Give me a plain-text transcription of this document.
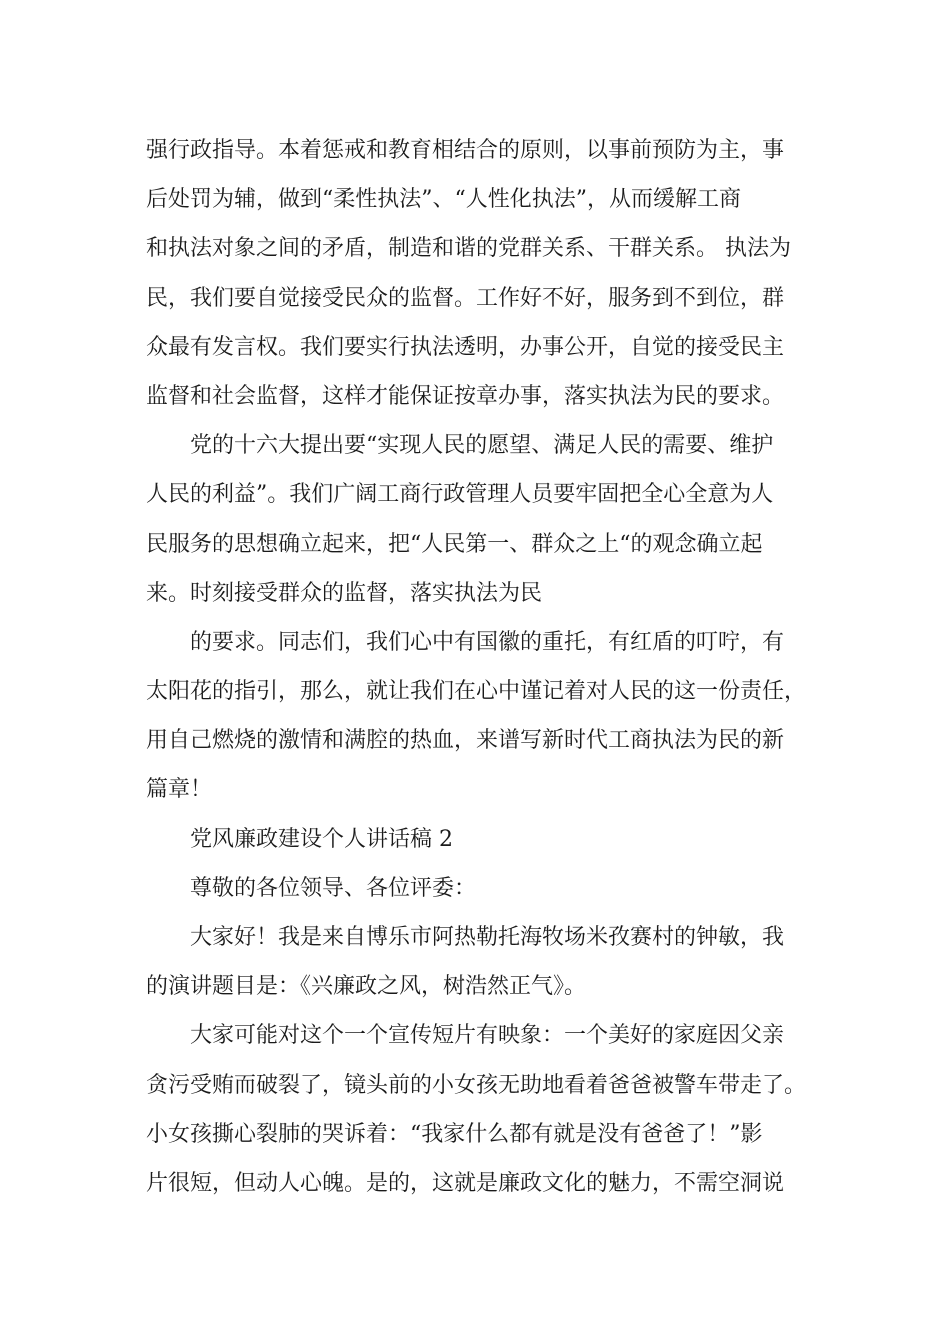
强行政指导。本着惩戒和教育相结合的原则，以事前预防为主，事
后处罚为辅，做到“柔性执法”、“人性化执法”，从而缓解工商
和执法对象之间的矛盾，制造和谐的党群关系、干群关系。 执法为
民，我们要自觉接受民众的监督。工作好不好，服务到不到位，群
众最有发言权。我们要实行执法透明，办事公开，自觉的接受民主
监督和社会监督，这样才能保证按章办事，落实执法为民的要求。
党的十六大提出要“实现人民的愿望、满足人民的需要、维护
人民的利益”。我们广阔工商行政管理人员要牢固把全心全意为人
民服务的思想确立起来，把“人民第一、群众之上“的观念确立起
来。时刻接受群众的监督，落实执法为民
的要求。同志们，我们心中有国徽的重托，有红盾的叮咛，有
太阳花的指引，那么，就让我们在心中谨记着对人民的这一份责任，
用自己燃烧的激情和满腔的热血，来谱写新时代工商执法为民的新
篇章！
党风廉政建设个人讲话稿 2
尊敬的各位领导、各位评委：
大家好！我是来自博乐市阿热勒托海牧场米孜赛村的钟敏，我
的演讲题目是：《兴廉政之风，树浩然正气》。
大家可能对这个一个宣传短片有映象：一个美好的家庭因父亲
贪污受贿而破裂了，镜头前的小女孩无助地看着爸爸被警车带走了。
小女孩撕心裂肺的哭诉着：“我家什么都有就是没有爸爸了！”影
片很短，但动人心魄。是的，这就是廉政文化的魅力，不需空洞说
